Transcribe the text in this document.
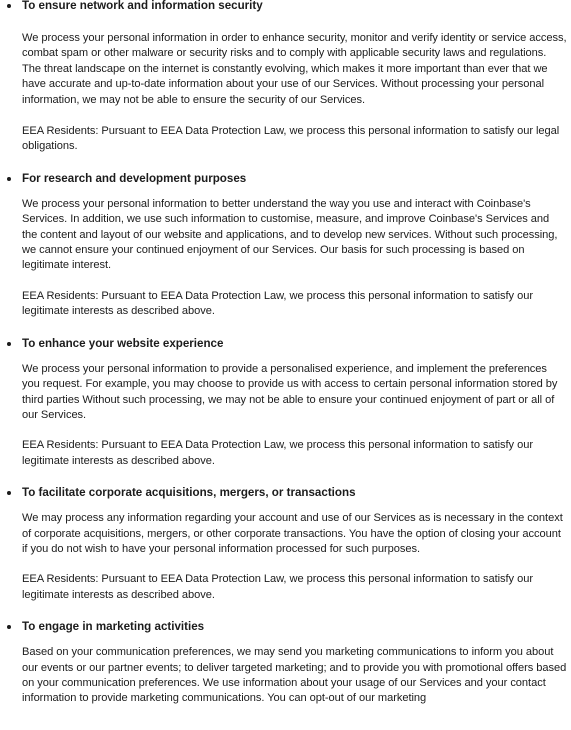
To ensure network and information security

We process your personal information in order to enhance security, monitor and verify identity or service access, combat spam or other malware or security risks and to comply with applicable security laws and regulations. The threat landscape on the internet is constantly evolving, which makes it more important than ever that we have accurate and up-to-date information about your use of our Services. Without processing your personal information, we may not be able to ensure the security of our Services.

EEA Residents: Pursuant to EEA Data Protection Law, we process this personal information to satisfy our legal obligations.

For research and development purposes

We process your personal information to better understand the way you use and interact with Coinbase's Services. In addition, we use such information to customise, measure, and improve Coinbase's Services and the content and layout of our website and applications, and to develop new services. Without such processing, we cannot ensure your continued enjoyment of our Services. Our basis for such processing is based on legitimate interest.

EEA Residents: Pursuant to EEA Data Protection Law, we process this personal information to satisfy our legitimate interests as described above.

To enhance your website experience

We process your personal information to provide a personalised experience, and implement the preferences you request. For example, you may choose to provide us with access to certain personal information stored by third parties Without such processing, we may not be able to ensure your continued enjoyment of part or all of our Services.

EEA Residents: Pursuant to EEA Data Protection Law, we process this personal information to satisfy our legitimate interests as described above.

To facilitate corporate acquisitions, mergers, or transactions

We may process any information regarding your account and use of our Services as is necessary in the context of corporate acquisitions, mergers, or other corporate transactions. You have the option of closing your account if you do not wish to have your personal information processed for such purposes.

EEA Residents: Pursuant to EEA Data Protection Law, we process this personal information to satisfy our legitimate interests as described above.

To engage in marketing activities

Based on your communication preferences, we may send you marketing communications to inform you about our events or our partner events; to deliver targeted marketing; and to provide you with promotional offers based on your communication preferences. We use information about your usage of our Services and your contact information to provide marketing communications. You can opt-out of our marketing
